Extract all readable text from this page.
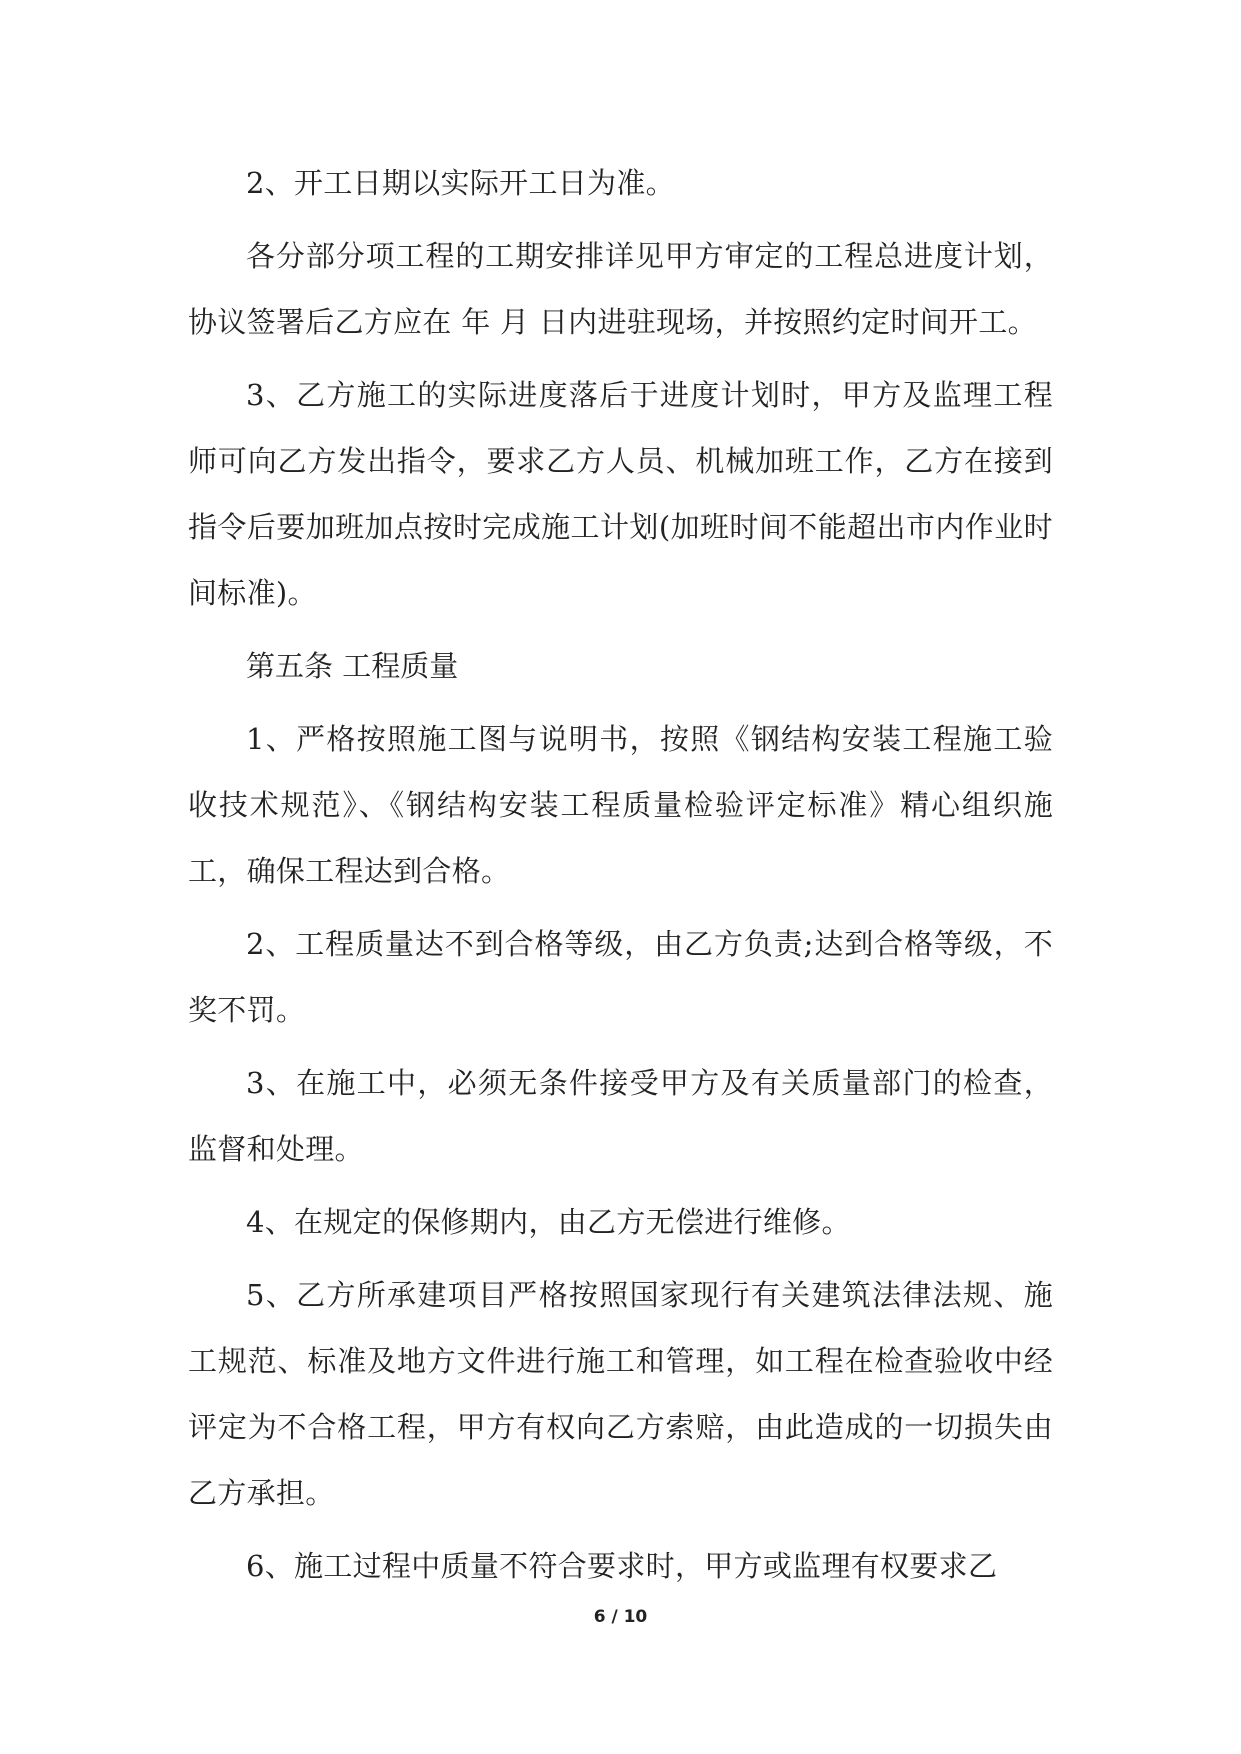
2、开工日期以实际开工日为准。

各分部分项工程的工期安排详见甲方审定的工程总进度计划，协议签署后乙方应在 年 月 日内进驻现场，并按照约定时间开工。

3、乙方施工的实际进度落后于进度计划时，甲方及监理工程师可向乙方发出指令，要求乙方人员、机械加班工作，乙方在接到指令后要加班加点按时完成施工计划(加班时间不能超出市内作业时间标准)。

第五条 工程质量

1、严格按照施工图与说明书，按照《钢结构安装工程施工验收技术规范》、《钢结构安装工程质量检验评定标准》精心组织施工，确保工程达到合格。

2、工程质量达不到合格等级，由乙方负责;达到合格等级，不奖不罚。

3、在施工中，必须无条件接受甲方及有关质量部门的检查，监督和处理。

4、在规定的保修期内，由乙方无偿进行维修。

5、乙方所承建项目严格按照国家现行有关建筑法律法规、施工规范、标准及地方文件进行施工和管理，如工程在检查验收中经评定为不合格工程，甲方有权向乙方索赔，由此造成的一切损失由乙方承担。

6、施工过程中质量不符合要求时，甲方或监理有权要求乙

6 / 10
